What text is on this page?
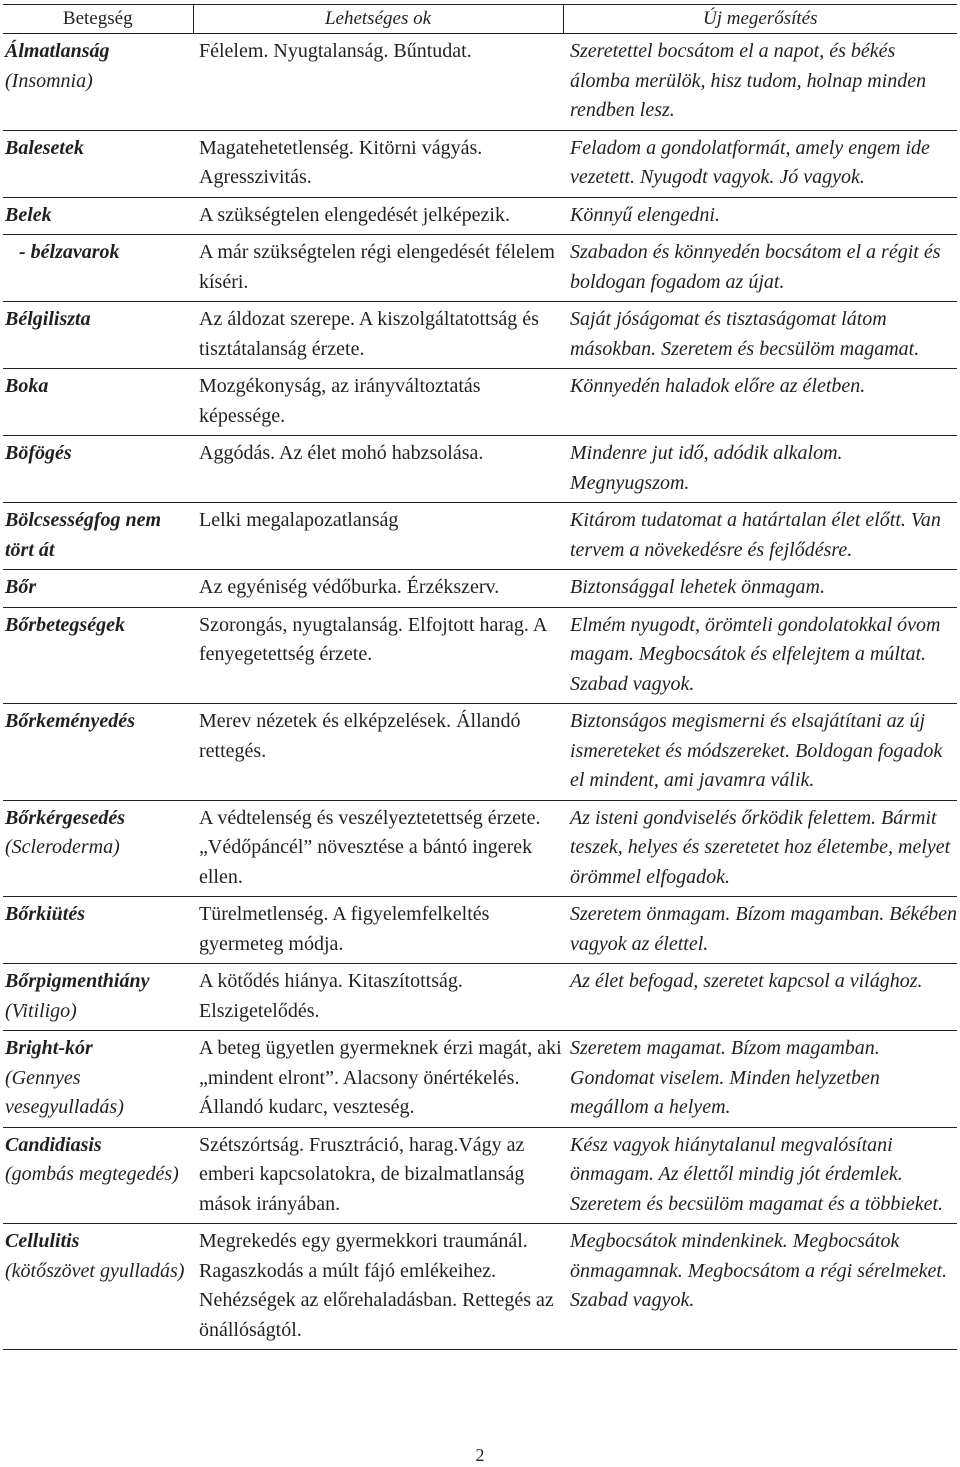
Betegség	Lehetséges ok	Új megerősítés
Álmatlanság
(Insomnia)	Félelem. Nyugtalanság. Bűntudat.	Szeretettel bocsátom el a napot, és békés álomba merülök, hisz tudom, holnap minden rendben lesz.
Balesetek	Magatehetetlenség. Kitörni vágyás. Agresszivitás.	Feladom a gondolatformát, amely engem ide vezetett. Nyugodt vagyok. Jó vagyok.
Belek	A szükségtelen elengedését jelképezik.	Könnyű elengedni.
- bélzavarok	A már szükségtelen régi elengedését félelem kíséri.	Szabadon és könnyedén bocsátom el a régit és boldogan fogadom az újat.
Bélgiliszta	Az áldozat szerepe. A kiszolgáltatottság és tisztátalanság érzete.	Saját jóságomat és tisztaságomat látom másokban. Szeretem és becsülöm magamat.
Boka	Mozgékonyság, az irányváltoztatás képessége.	Könnyedén haladok előre az életben.
Böfögés	Aggódás. Az élet mohó habzsolása.	Mindenre jut idő, adódik alkalom. Megnyugszom.
Bölcsességfog nem tört át	Lelki megalapozatlanság	Kitárom tudatomat a határtalan élet előtt. Van tervem a növekedésre és fejlődésre.
Bőr	Az egyéniség védőburka. Érzékszerv.	Biztonsággal lehetek önmagam.
Bőrbetegségek	Szorongás, nyugtalanság. Elfojtott harag. A fenyegetettség érzete.	Elmém nyugodt, örömteli gondolatokkal óvom magam. Megbocsátok és elfelejtem a múltat. Szabad vagyok.
Bőrkeményedés	Merev nézetek és elképzelések. Állandó rettegés.	Biztonságos megismerni és elsajátítani az új ismereteket és módszereket. Boldogan fogadok el mindent, ami javamra válik.
Bőrkérgesedés
(Scleroderma)	A védtelenség és veszélyeztetettség érzete. „Védőpáncél” növesztése a bántó ingerek ellen.	Az isteni gondviselés őrködik felettem. Bármit teszek, helyes és szeretetet hoz életembe, melyet örömmel elfogadok.
Bőrkiütés	Türelmetlenség. A figyelemfelkeltés gyermeteg módja.	Szeretem önmagam. Bízom magamban. Békében vagyok az élettel.
Bőrpigmenthiány
(Vitiligo)	A kötődés hiánya. Kitaszítottság. Elszigetelődés.	Az élet befogad, szeretet kapcsol a világhoz.
Bright-kór
(Gennyes vesegyulladás)	A beteg ügyetlen gyermeknek érzi magát, aki „mindent elront”. Alacsony önértékelés. Állandó kudarc, veszteség.	Szeretem magamat. Bízom magamban. Gondomat viselem. Minden helyzetben megállom a helyem.
Candidiasis
(gombás megtegedés)	Szétszórtság. Frusztráció, harag.Vágy az emberi kapcsolatokra, de bizalmatlanság mások irányában.	Kész vagyok hiánytalanul megvalósítani önmagam. Az élettől mindig jót érdemlek. Szeretem és becsülöm magamat és a többieket.
Cellulitis
(kötőszövet gyulladás)	Megrekedés egy gyermekkori traumánál. Ragaszkodás a múlt fájó emlékeihez. Nehézségek az előrehaladásban. Rettegés az önállóságtól.	Megbocsátok mindenkinek. Megbocsátok önmagamnak. Megbocsátom a régi sérelmeket. Szabad vagyok.
2
